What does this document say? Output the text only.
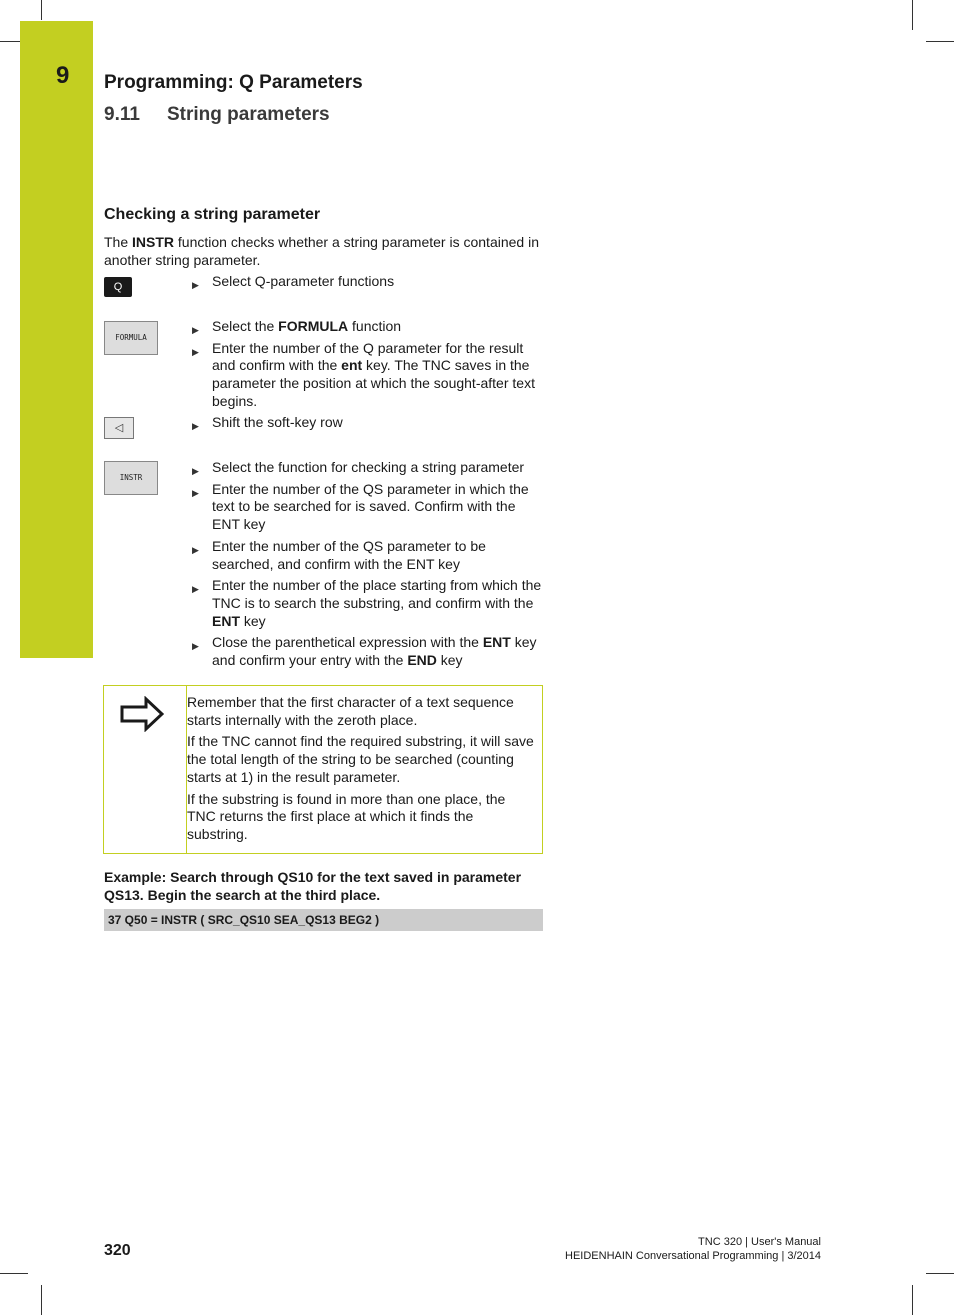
9 Programming: Q Parameters
9.11 String parameters
Checking a string parameter
The INSTR function checks whether a string parameter is contained in another string parameter.
Q
FORMULA
◁
INSTR
▶ Select Q-parameter functions
▶ Select the FORMULA function
▶ Enter the number of the Q parameter for the result and confirm with the ent key. The TNC saves in the parameter the position at which the sought-after text begins.
▶ Shift the soft-key row
▶ Select the function for checking a string parameter
▶ Enter the number of the QS parameter in which the text to be searched for is saved. Confirm with the ENT key
▶ Enter the number of the QS parameter to be searched, and confirm with the ENT key
▶ Enter the number of the place starting from which the TNC is to search the substring, and confirm with the ENT key
▶ Close the parenthetical expression with the ENT key and confirm your entry with the END key

Remember that the first character of a text sequence starts internally with the zeroth place.

If the TNC cannot find the required substring, it will save the total length of the string to be searched (counting starts at 1) in the result parameter.

If the substring is found in more than one place, the TNC returns the first place at which it finds the substring.

Example: Search through QS10 for the text saved in parameter QS13. Begin the search at the third place.
37 Q50 = INSTR ( SRC_QS10 SEA_QS13 BEG2 )
320	TNC 320 | User's Manual
HEIDENHAIN Conversational Programming | 3/2014
